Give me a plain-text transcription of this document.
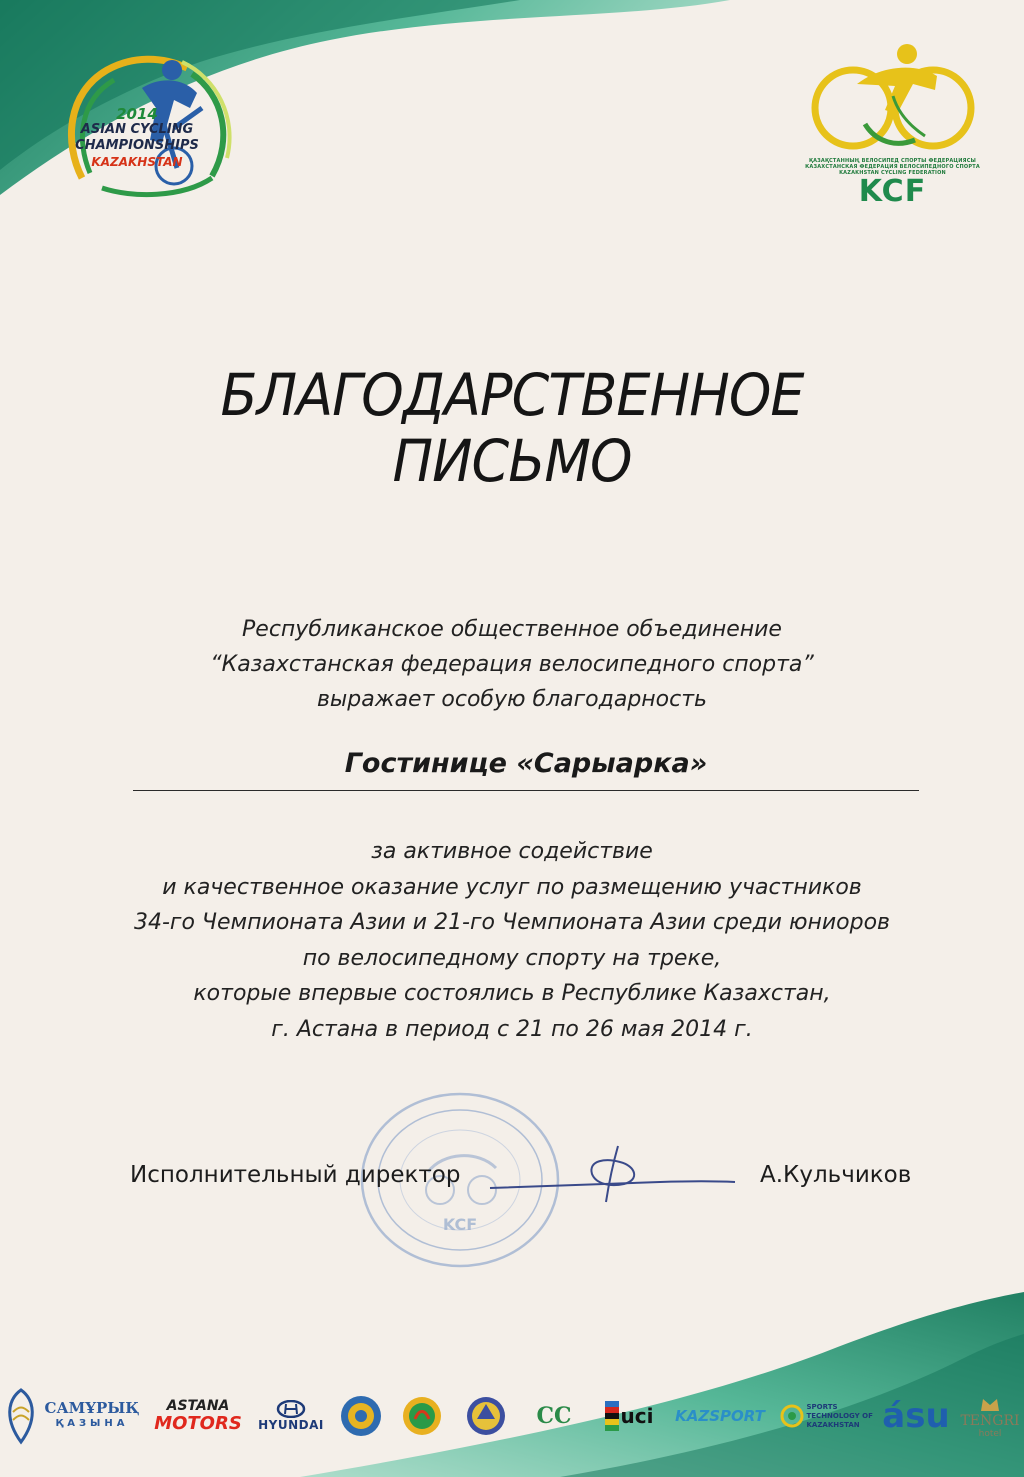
2014
ASIAN CYCLING
CHAMPIONSHIPS
KAZAKHSTAN	ҚАЗАҚСТАННЫҢ ВЕЛОСИПЕД СПОРТЫ ФЕДЕРАЦИЯСЫ
КАЗАХСТАНСКАЯ ФЕДЕРАЦИЯ ВЕЛОСИПЕДНОГО СПОРТА
KAZAKHSTAN CYCLING FEDERATION
KCF
БЛАГОДАРСТВЕННОЕ
ПИСЬМО
Республиканское общественное объединение
“Казахстанская федерация велосипедного спорта”
выражает особую благодарность
Гостинице «Сарыарка»
за активное содействие
и качественное оказание услуг по размещению участников
34-го Чемпионата Азии и 21-го Чемпионата Азии среди юниоров
по велосипедному спорту на треке,
которые впервые состоялись в Республике Казахстан,
г. Астана в период с 21 по 26 мая 2014 г.
KCF
Исполнительный директор	А.Кульчиков
САМҰРЫҚ
ҚАЗЫНА
ASTANA
MOTORS HYUNDAI	CC uci KAZSPORT
SPORTS TECHNOLOGY OF KAZAKHSTAN ásu TENGRI
hotel
